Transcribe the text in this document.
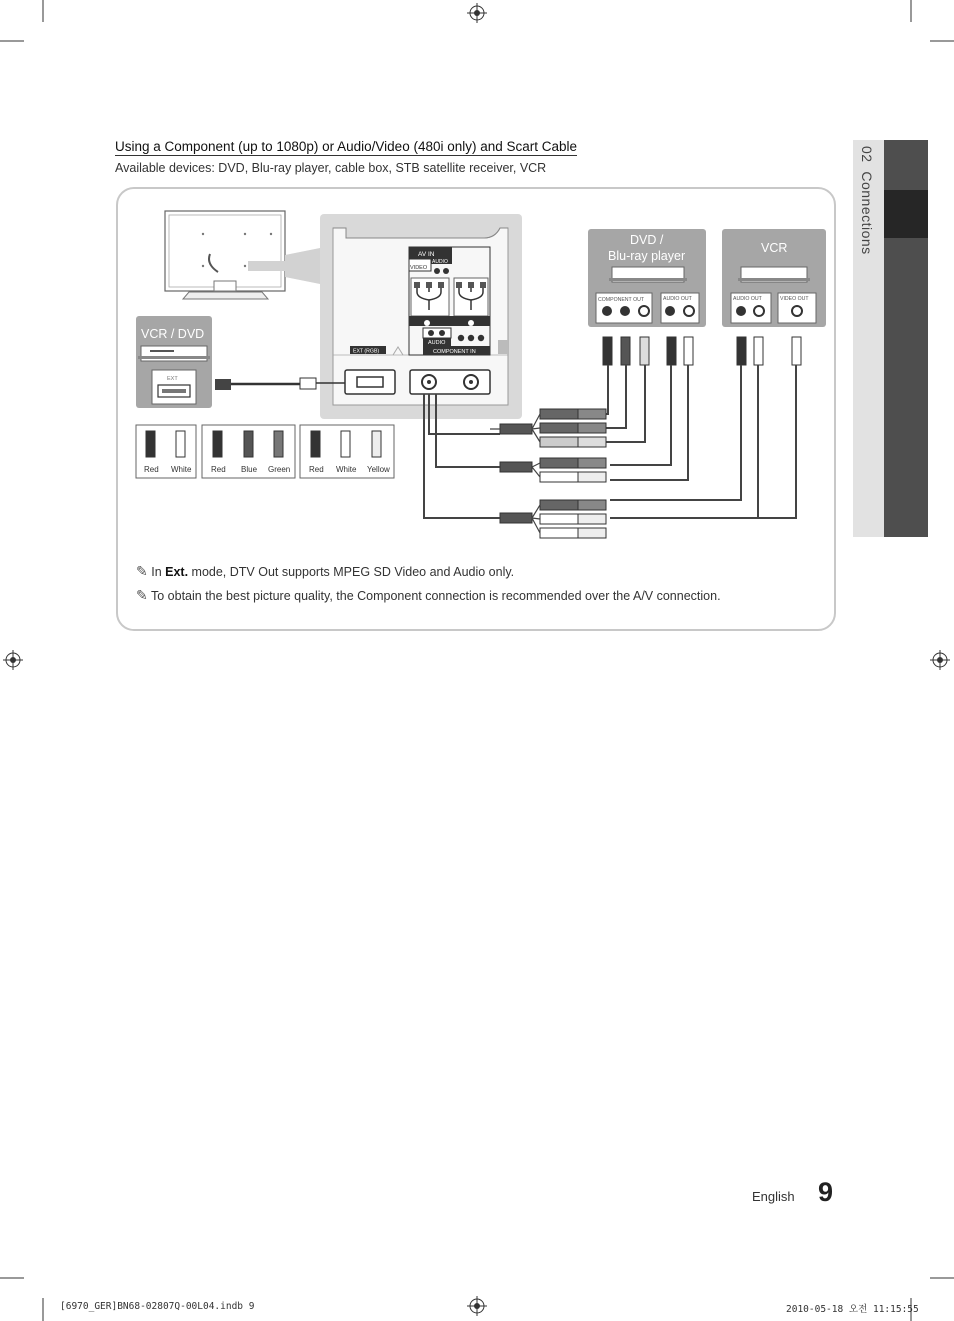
02  Connections
Using a Component (up to 1080p) or Audio/Video (480i only) and Scart Cable
Available devices: DVD, Blu-ray player, cable box, STB satellite receiver, VCR
AV IN
AUDIO
VIDEO
AUDIO
COMPONENT IN
EXT (RGB)
VCR / DVD
EXT
DVD /
Blu-ray player
COMPONENT OUT	AUDIO OUT
VCR
AUDIO OUT	VIDEO OUT
Red White Red Blue Green Red White Yellow
✎ In Ext. mode, DTV Out supports MPEG SD Video and Audio only.
✎ To obtain the best picture quality, the Component connection is recommended over the A/V connection.
English 9
[6970_GER]BN68-02807Q-00L04.indb 9	2010-05-18 오전 11:15:55
